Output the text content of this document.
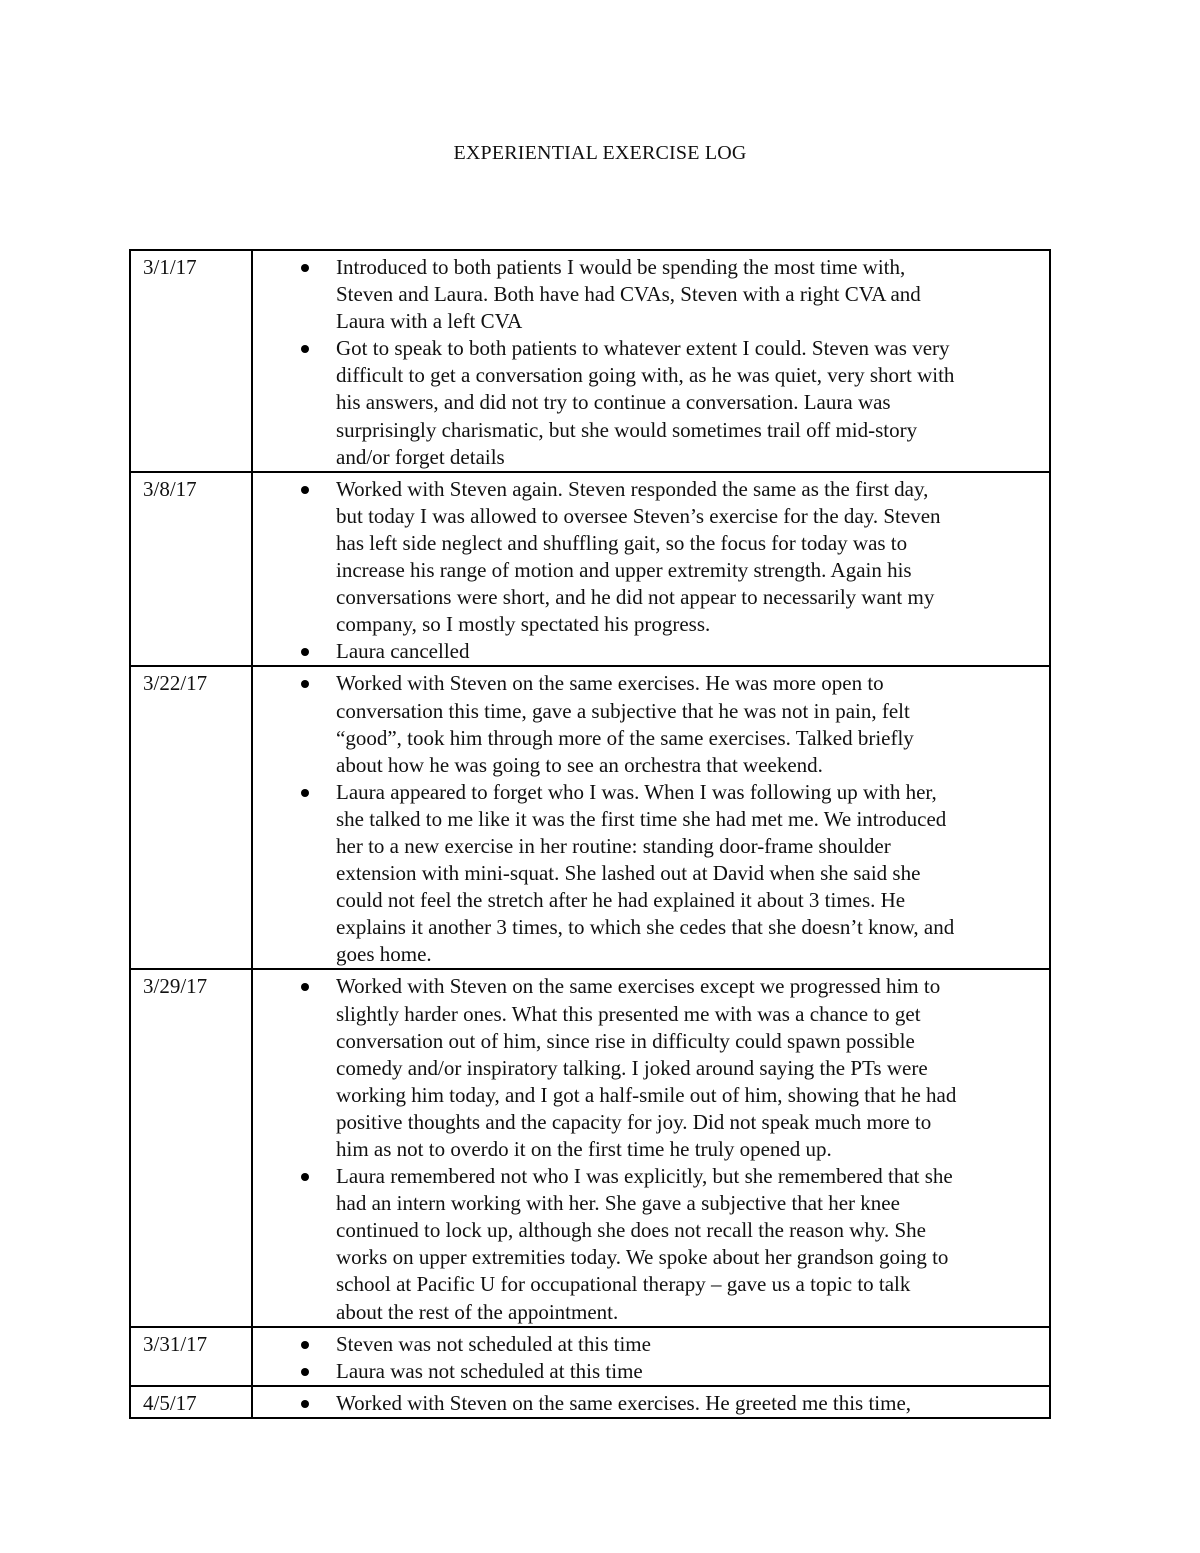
EXPERIENTIAL EXERCISE LOG
3/1/17	Introduced to both patients I would be spending the most time with,
Steven and Laura. Both have had CVAs, Steven with a right CVA and
Laura with a left CVA
Got to speak to both patients to whatever extent I could. Steven was very
difficult to get a conversation going with, as he was quiet, very short with
his answers, and did not try to continue a conversation. Laura was
surprisingly charismatic, but she would sometimes trail off mid-story
and/or forget details
3/8/17	Worked with Steven again. Steven responded the same as the first day,
but today I was allowed to oversee Steven’s exercise for the day. Steven
has left side neglect and shuffling gait, so the focus for today was to
increase his range of motion and upper extremity strength. Again his
conversations were short, and he did not appear to necessarily want my
company, so I mostly spectated his progress.
Laura cancelled
3/22/17	Worked with Steven on the same exercises. He was more open to
conversation this time, gave a subjective that he was not in pain, felt
“good”, took him through more of the same exercises. Talked briefly
about how he was going to see an orchestra that weekend.
Laura appeared to forget who I was. When I was following up with her,
she talked to me like it was the first time she had met me. We introduced
her to a new exercise in her routine: standing door-frame shoulder
extension with mini-squat. She lashed out at David when she said she
could not feel the stretch after he had explained it about 3 times. He
explains it another 3 times, to which she cedes that she doesn’t know, and
goes home.
3/29/17	Worked with Steven on the same exercises except we progressed him to
slightly harder ones. What this presented me with was a chance to get
conversation out of him, since rise in difficulty could spawn possible
comedy and/or inspiratory talking. I joked around saying the PTs were
working him today, and I got a half-smile out of him, showing that he had
positive thoughts and the capacity for joy. Did not speak much more to
him as not to overdo it on the first time he truly opened up.
Laura remembered not who I was explicitly, but she remembered that she
had an intern working with her. She gave a subjective that her knee
continued to lock up, although she does not recall the reason why. She
works on upper extremities today. We spoke about her grandson going to
school at Pacific U for occupational therapy – gave us a topic to talk
about the rest of the appointment.
3/31/17	Steven was not scheduled at this time
Laura was not scheduled at this time
4/5/17	Worked with Steven on the same exercises. He greeted me this time,
